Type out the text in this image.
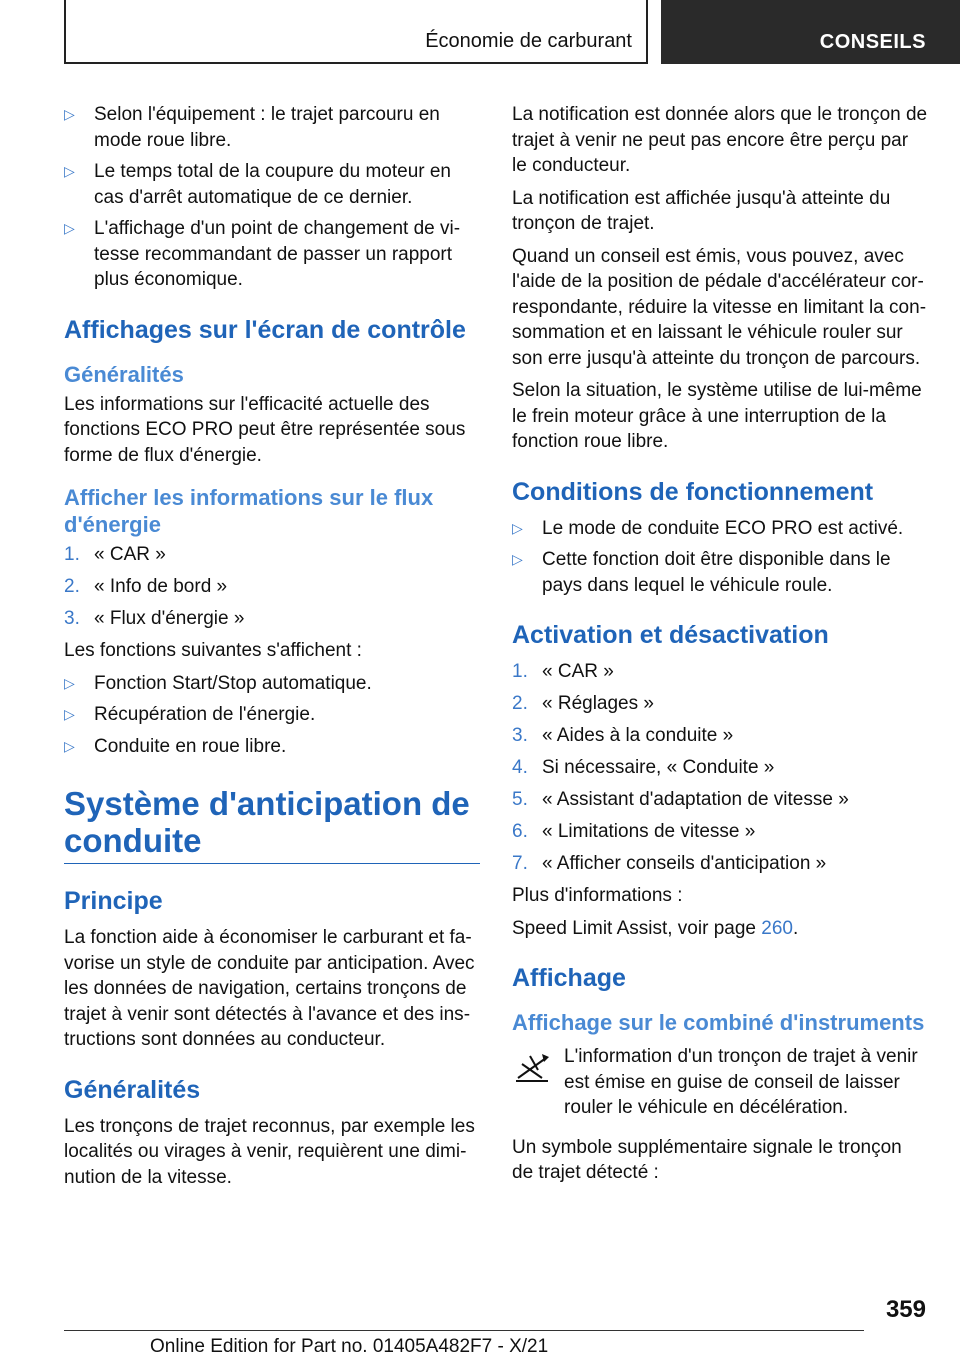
Économie de carburant	CONSEILS
▷ Selon l'équipement : le trajet parcouru en mode roue libre.
▷ Le temps total de la coupure du moteur en cas d'arrêt automatique de ce dernier.
▷ L'affichage d'un point de changement de vitesse recommandant de passer un rapport plus économique.
Affichages sur l'écran de contrôle
Généralités

Les informations sur l'efficacité actuelle des fonctions ECO PRO peut être représentée sous forme de flux d'énergie.

Afficher les informations sur le flux d'énergie
1. « CAR »
2. « Info de bord »
3. « Flux d'énergie »

Les fonctions suivantes s'affichent :

▷ Fonction Start/Stop automatique.
▷ Récupération de l'énergie.
▷ Conduite en roue libre.
Système d'anticipation de conduite
Principe

La fonction aide à économiser le carburant et favorise un style de conduite par anticipation. Avec les données de navigation, certains tronçons de trajet à venir sont détectés à l'avance et des instructions sont données au conducteur.

Généralités

Les tronçons de trajet reconnus, par exemple les localités ou virages à venir, requièrent une diminution de la vitesse.

La notification est donnée alors que le tronçon de trajet à venir ne peut pas encore être perçu par le conducteur.

La notification est affichée jusqu'à atteinte du tronçon de trajet.

Quand un conseil est émis, vous pouvez, avec l'aide de la position de pédale d'accélérateur correspondante, réduire la vitesse en limitant la consommation et en laissant le véhicule rouler sur son erre jusqu'à atteinte du tronçon de parcours.

Selon la situation, le système utilise de lui-même le frein moteur grâce à une interruption de la fonction roue libre.

Conditions de fonctionnement
▷ Le mode de conduite ECO PRO est activé.
▷ Cette fonction doit être disponible dans le pays dans lequel le véhicule roule.
Activation et désactivation
1. « CAR »
2. « Réglages »
3. « Aides à la conduite »
4. Si nécessaire, « Conduite »
5. « Assistant d'adaptation de vitesse »
6. « Limitations de vitesse »
7. « Afficher conseils d'anticipation »

Plus d'informations :

Speed Limit Assist, voir page 260.

Affichage
Affichage sur le combiné d'instruments
L'information d'un tronçon de trajet à venir est émise en guise de conseil de laisser rouler le véhicule en décélération.

Un symbole supplémentaire signale le tronçon de trajet détecté :

359
Online Edition for Part no. 01405A482F7 - X/21
